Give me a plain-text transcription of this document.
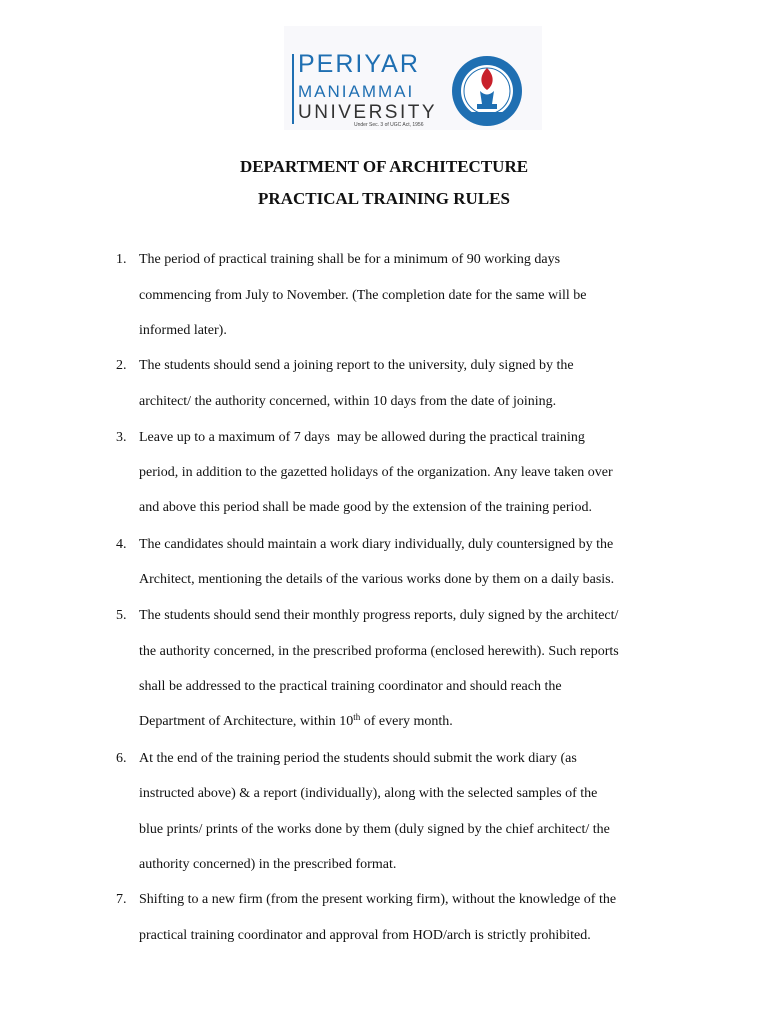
PERIYAR
MANIAMMAI
UNIVERSITY
Under Sec. 3 of UGC Act, 1956
DEPARTMENT OF ARCHITECTURE
PRACTICAL TRAINING RULES
1. The period of practical training shall be for a minimum of 90 working days
commencing from July to November. (The completion date for the same will be
informed later).
2. The students should send a joining report to the university, duly signed by the
architect/ the authority concerned, within 10 days from the date of joining.
3. Leave up to a maximum of 7 days  may be allowed during the practical training
period, in addition to the gazetted holidays of the organization. Any leave taken over
and above this period shall be made good by the extension of the training period.
4. The candidates should maintain a work diary individually, duly countersigned by the
Architect, mentioning the details of the various works done by them on a daily basis.
5. The students should send their monthly progress reports, duly signed by the architect/
the authority concerned, in the prescribed proforma (enclosed herewith). Such reports
shall be addressed to the practical training coordinator and should reach the
Department of Architecture, within 10th of every month.
6. At the end of the training period the students should submit the work diary (as
instructed above) & a report (individually), along with the selected samples of the
blue prints/ prints of the works done by them (duly signed by the chief architect/ the
authority concerned) in the prescribed format.
7. Shifting to a new firm (from the present working firm), without the knowledge of the
practical training coordinator and approval from HOD/arch is strictly prohibited.
